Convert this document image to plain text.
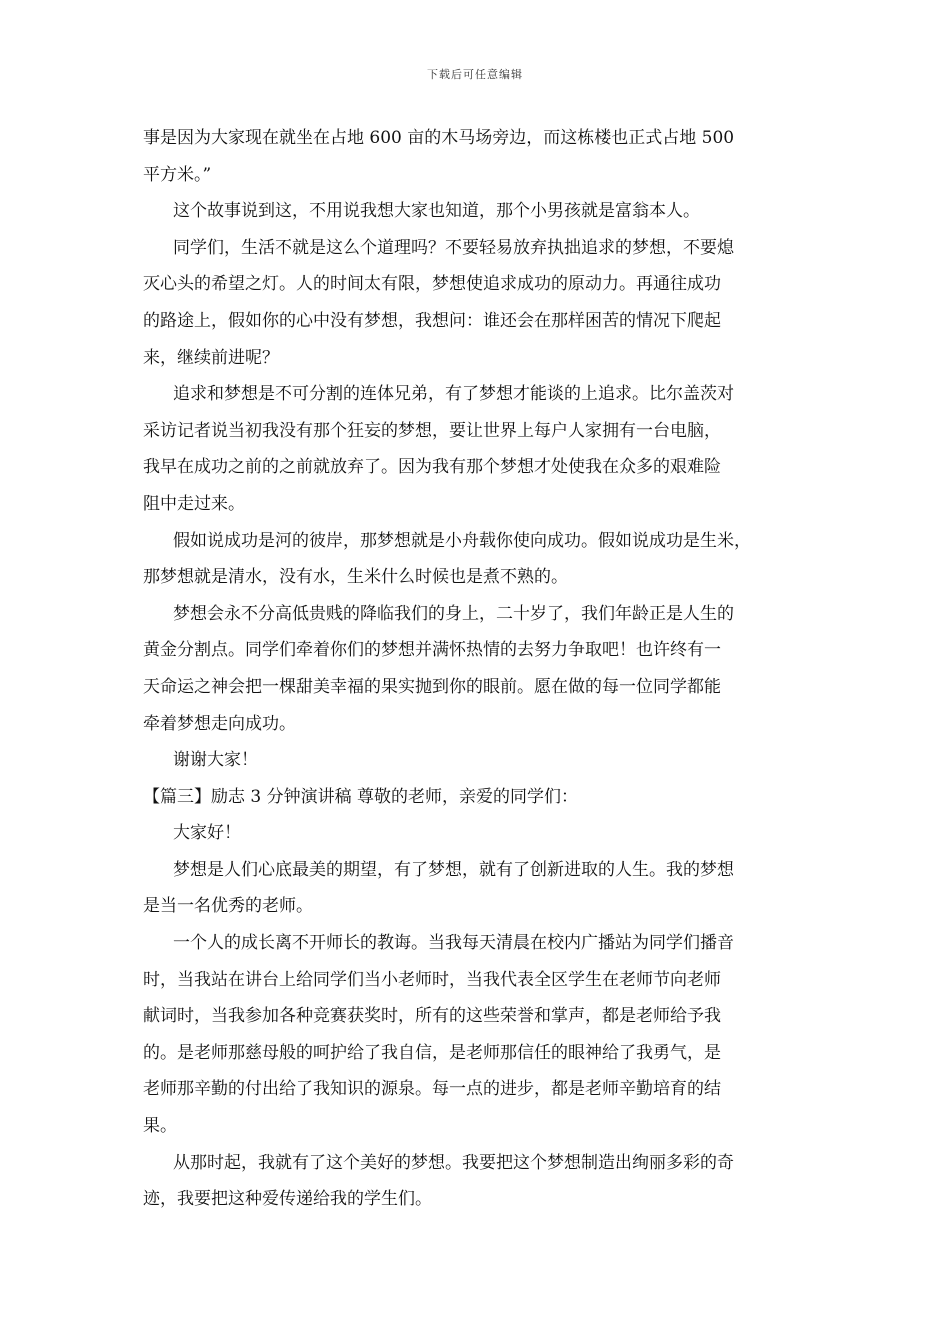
下载后可任意编辑
事是因为大家现在就坐在占地 600 亩的木马场旁边，而这栋楼也正式占地 500
平方米。”
这个故事说到这，不用说我想大家也知道，那个小男孩就是富翁本人。
同学们，生活不就是这么个道理吗？不要轻易放弃执拙追求的梦想，不要熄
灭心头的希望之灯。人的时间太有限，梦想使追求成功的原动力。再通往成功
的路途上，假如你的心中没有梦想，我想问：谁还会在那样困苦的情况下爬起
来，继续前进呢？
追求和梦想是不可分割的连体兄弟，有了梦想才能谈的上追求。比尔盖茨对
采访记者说当初我没有那个狂妄的梦想，要让世界上每户人家拥有一台电脑，
我早在成功之前的之前就放弃了。因为我有那个梦想才处使我在众多的艰难险
阻中走过来。
假如说成功是河的彼岸，那梦想就是小舟载你使向成功。假如说成功是生米，
那梦想就是清水，没有水，生米什么时候也是煮不熟的。
梦想会永不分高低贵贱的降临我们的身上，二十岁了，我们年龄正是人生的
黄金分割点。同学们牵着你们的梦想并满怀热情的去努力争取吧！也许终有一
天命运之神会把一棵甜美幸福的果实抛到你的眼前。愿在做的每一位同学都能
牵着梦想走向成功。
谢谢大家！
【篇三】励志 3 分钟演讲稿 尊敬的老师，亲爱的同学们：
大家好！
梦想是人们心底最美的期望，有了梦想，就有了创新进取的人生。我的梦想
是当一名优秀的老师。
一个人的成长离不开师长的教诲。当我每天清晨在校内广播站为同学们播音
时，当我站在讲台上给同学们当小老师时，当我代表全区学生在老师节向老师
献词时，当我参加各种竞赛获奖时，所有的这些荣誉和掌声，都是老师给予我
的。是老师那慈母般的呵护给了我自信，是老师那信任的眼神给了我勇气，是
老师那辛勤的付出给了我知识的源泉。每一点的进步，都是老师辛勤培育的结
果。
从那时起，我就有了这个美好的梦想。我要把这个梦想制造出绚丽多彩的奇
迹，我要把这种爱传递给我的学生们。
